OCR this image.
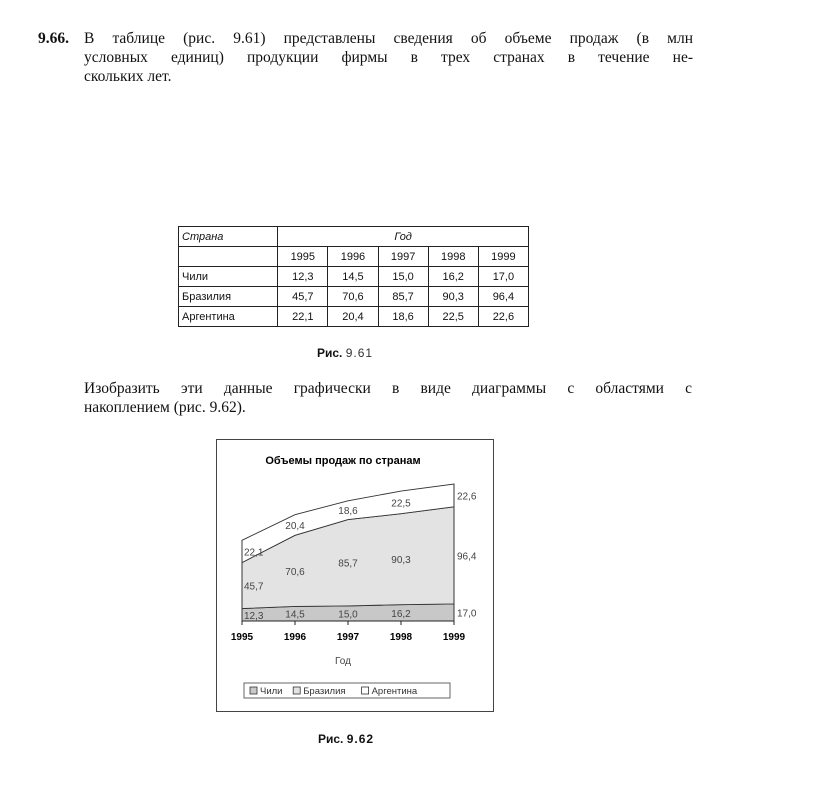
9.66. В таблице (рис. 9.61) представлены сведения об объеме продаж (в млн
условных единиц) продукции фирмы в трех странах в течение не-
скольких лет.
Страна	Год				
	1995	1996	1997	1998	1999
Чили	12,3	14,5	15,0	16,2	17,0
Бразилия	45,7	70,6	85,7	90,3	96,4
Аргентина	22,1	20,4	18,6	22,5	22,6
Рис. 9.61
Изобразить эти данные графически в виде диаграммы с областями с
накоплением (рис. 9.62).
Объемы продаж по странам
12,3 14,5	15,0	16,2	17,0
45,7
70,6
85,7	90,3	96,4
22,1
20,4
18,6
22,5
22,6
1995	1996	1997	1998	1999
Год
Чили Бразилия	Аргентина
Рис. 9.62
